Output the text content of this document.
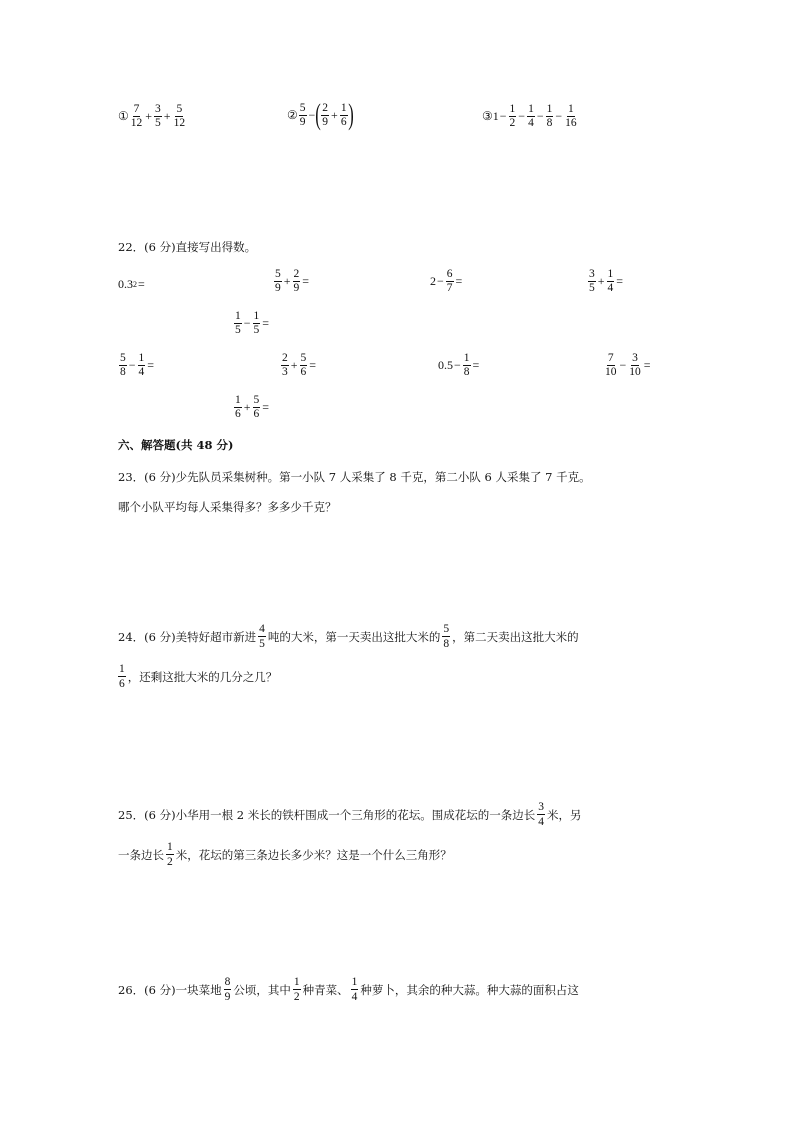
① $\frac{7}{12} + \frac{3}{5} + \frac{5}{12}$	② $\frac{5}{9}$ − ( $\frac{2}{9} + \frac{1}{6}$ )	③ $1 - \frac{1}{2} - \frac{1}{4} - \frac{1}{8} - \frac{1}{16}$
22．(6 分)直接写出得数。
0.3 2 =	$\frac{5}{9} + \frac{2}{9}$ =	$2 - \frac{6}{7}$ =	$\frac{3}{5} + \frac{1}{4}$ =
$\frac{1}{5} - \frac{1}{5}$ =
$\frac{5}{8} - \frac{1}{4}$ =	$\frac{2}{3} + \frac{5}{6}$ =	$0.5 - \frac{1}{8}$ =	$\frac{7}{10} - \frac{3}{10}$ =
$\frac{1}{6} + \frac{5}{6}$ =
六、解答题(共 48 分)
23．(6 分)少先队员采集树种。第一小队 7 人采集了 8 千克，第二小队 6 人采集了 7 千克。
哪个小队平均每人采集得多？多多少千克？
24． (6 分) 美特好超市新进 $\frac{4}{5}$ 吨的大米，第一天卖出这批大米的 $\frac{5}{8}$ ，第二天卖出这批大米的
$\frac{1}{6}$ ，还剩这批大米的几分之几？
25． (6 分) 小华用一根 2 米长的铁杆围成一个三角形的花坛。围成花坛的一条边长 $\frac{3}{4}$ 米，另
一条边长 $\frac{1}{2}$ 米，花坛的第三条边长多少米？这是一个什么三角形？
26． (6 分) 一块菜地 $\frac{8}{9}$ 公顷，其中 $\frac{1}{2}$ 种青菜、 $\frac{1}{4}$ 种萝卜，其余的种大蒜。种大蒜的面积占这
